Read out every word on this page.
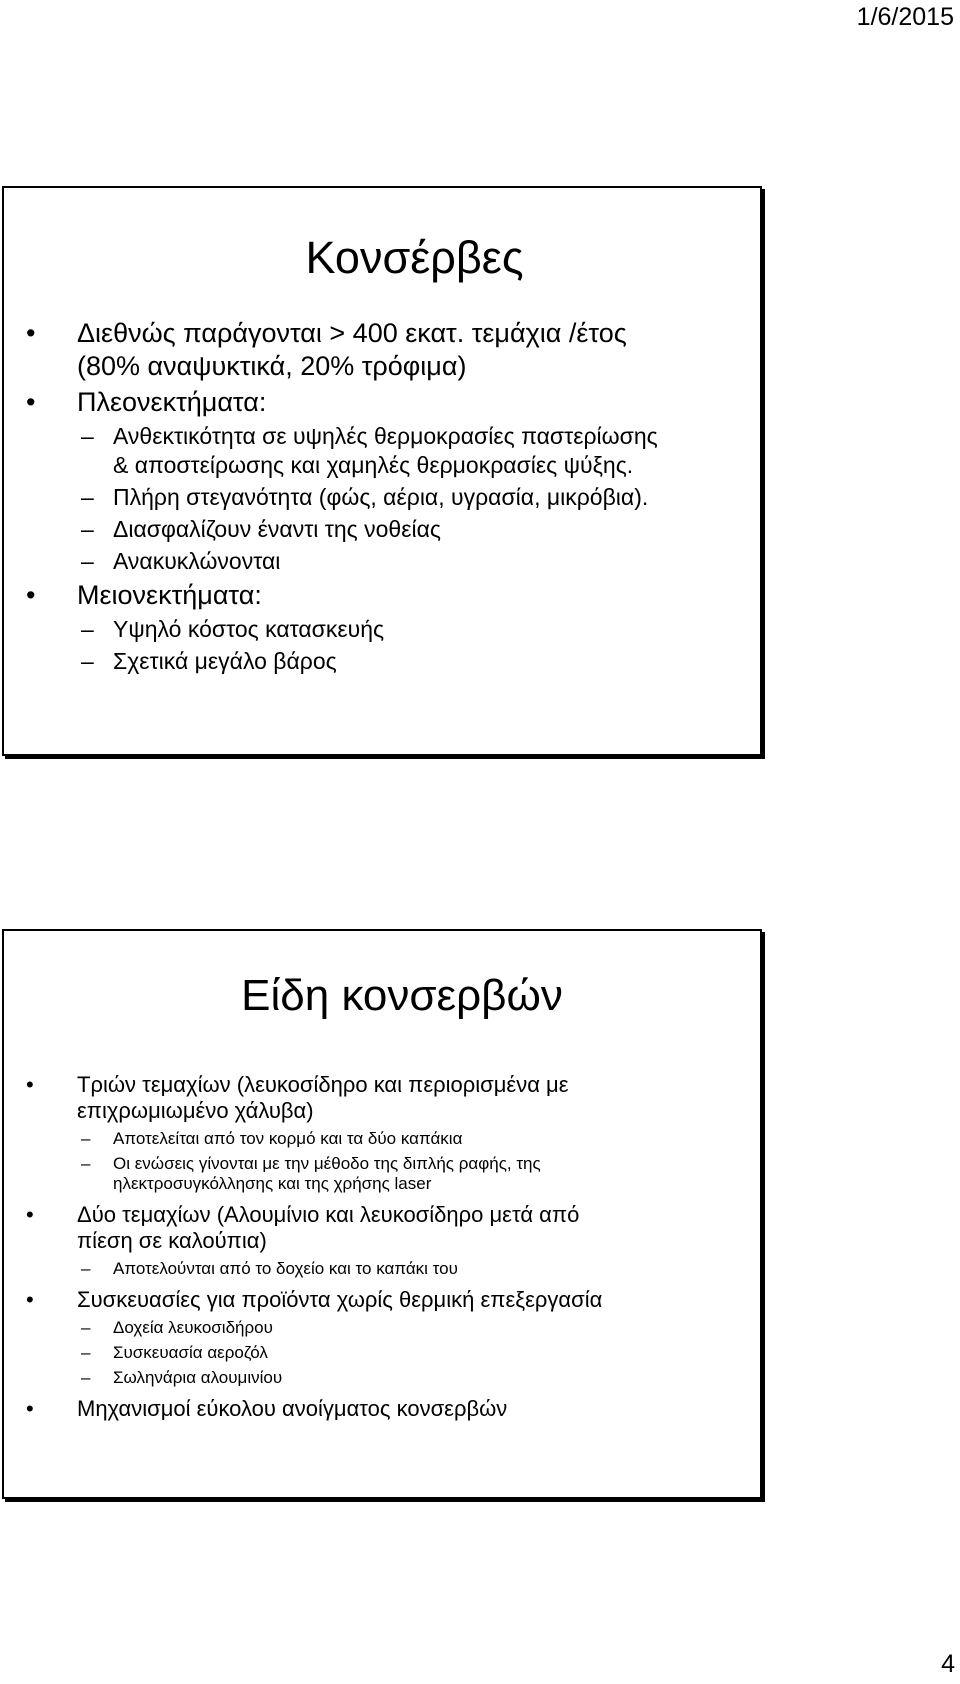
1/6/2015
Κονσέρβες
• Διεθνώς παράγονται > 400 εκατ. τεμάχια /έτος
(80% αναψυκτικά, 20% τρόφιμα)
• Πλεονεκτήματα:
– Ανθεκτικότητα σε υψηλές θερμοκρασίες παστερίωσης
& αποστείρωσης και χαμηλές θερμοκρασίες ψύξης.
– Πλήρη στεγανότητα (φώς, αέρια, υγρασία, μικρόβια).
– Διασφαλίζουν έναντι της νοθείας
– Ανακυκλώνονται
• Μειονεκτήματα:
– Υψηλό κόστος κατασκευής
– Σχετικά μεγάλο βάρος
Είδη κονσερβών
• Τριών τεμαχίων (λευκοσίδηρο και περιορισμένα με
επιχρωμιωμένο χάλυβα)
– Αποτελείται από τον κορμό και τα δύο καπάκια
– Οι ενώσεις γίνονται με την μέθοδο της διπλής ραφής, της
ηλεκτροσυγκόλλησης και της χρήσης laser
• Δύο τεμαχίων (Αλουμίνιο και λευκοσίδηρο μετά από
πίεση σε καλούπια)
– Αποτελούνται από το δοχείο και το καπάκι του
• Συσκευασίες για προϊόντα χωρίς θερμική επεξεργασία
– Δοχεία λευκοσιδήρου
– Συσκευασία αεροζόλ
– Σωληνάρια αλουμινίου
• Μηχανισμοί εύκολου ανοίγματος κονσερβών
4
